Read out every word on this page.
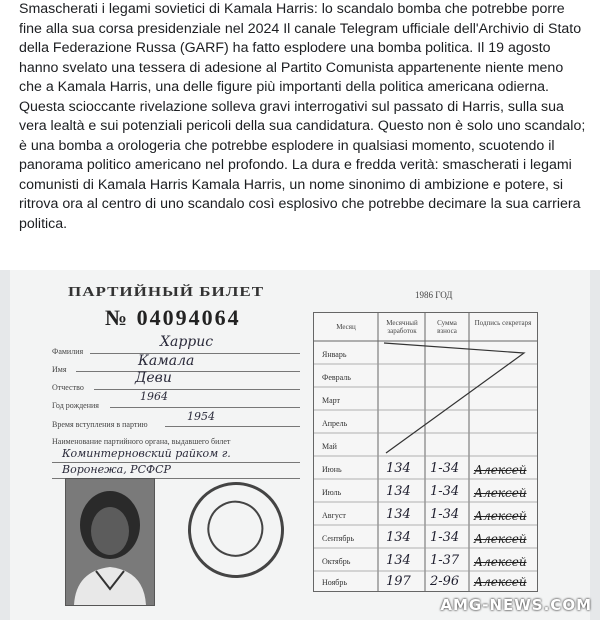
Smascherati i legami sovietici di Kamala Harris: lo scandalo bomba che potrebbe porre fine alla sua corsa presidenziale nel 2024 Il canale Telegram ufficiale dell'Archivio di Stato della Federazione Russa (GARF) ha fatto esplodere una bomba politica. Il 19 agosto hanno svelato una tessera di adesione al Partito Comunista appartenente niente meno che a Kamala Harris, una delle figure più importanti della politica americana odierna. Questa scioccante rivelazione solleva gravi interrogativi sul passato di Harris, sulla sua vera lealtà e sui potenziali pericoli della sua candidatura. Questo non è solo uno scandalo; è una bomba a orologeria che potrebbe esplodere in qualsiasi momento, scuotendo il panorama politico americano nel profondo. La dura e fredda verità: smascherati i legami comunisti di Kamala Harris Kamala Harris, un nome sinonimo di ambizione e potere, si ritrova ora al centro di uno scandalo così esplosivo che potrebbe decimare la sua carriera politica.

ПАРТИЙНЫЙ БИЛЕТ
№ 04094064
Фамилия
Харрис
Имя
Камала
Отчество
Деви
Год рождения
1964
Время вступления в партию
1954
Наименование партийного органа, выдавшего билет
Коминтерновский райком г.
Воронежа, РСФСР
1986 ГОД
Месяц	Месячный заработок
Сумма взноса
Подпись секретаря
Январь
Февраль
Март
Апрель
Май
Июнь
Июль
Август
Сентябрь
Октябрь
Ноябрь
134
134
134
134
134
197
1-34
1-34
1-34
1-34
1-37
2-96
Алексей
Алексей
Алексей
Алексей
Алексей
Алексей
AMG-NEWS.COM
